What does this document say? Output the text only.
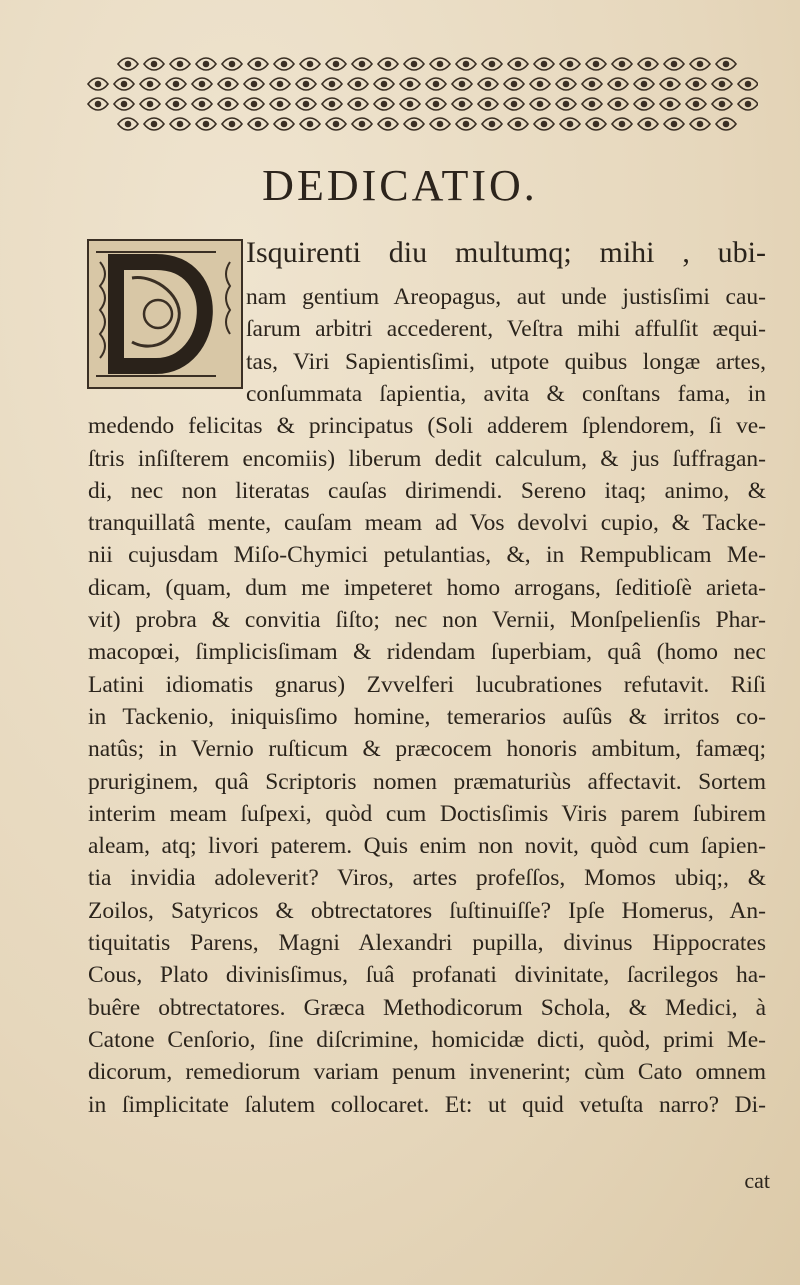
DEDICATIO.
Isquirenti diu multumq; mihi , ubi-
nam gentium Areopagus, aut unde justisſimi cau-
ſarum arbitri accederent, Veſtra mihi affulſit æqui-
tas, Viri Sapientisſimi, utpote quibus longæ artes,
conſummata ſapientia, avita & conſtans fama, in
medendo felicitas & principatus (Soli adderem ſplendorem, ſi ve-
ſtris inſiſterem encomiis) liberum dedit calculum, & jus ſuffragan-
di, nec non literatas cauſas dirimendi. Sereno itaq; animo, &
tranquillatâ mente, cauſam meam ad Vos devolvi cupio, & Tacke-
nii cujusdam Miſo-Chymici petulantias, &, in Rempublicam Me-
dicam, (quam, dum me impeteret homo arrogans, ſeditioſè arieta-
vit) probra & convitia ſiſto; nec non Vernii, Monſpelienſis Phar-
macopœi, ſimplicisſimam & ridendam ſuperbiam, quâ (homo nec
Latini idiomatis gnarus) Zvvelferi lucubrationes refutavit. Riſi
in Tackenio, iniquisſimo homine, temerarios auſûs & irritos co-
natûs; in Vernio ruſticum & præcocem honoris ambitum, famæq;
pruriginem, quâ Scriptoris nomen præmaturiùs affectavit. Sortem
interim meam ſuſpexi, quòd cum Doctisſimis Viris parem ſubirem
aleam, atq; livori paterem. Quis enim non novit, quòd cum ſapien-
tia invidia adoleverit? Viros, artes profeſſos, Momos ubiq;, &
Zoilos, Satyricos & obtrectatores ſuſtinuiſſe? Ipſe Homerus, An-
tiquitatis Parens, Magni Alexandri pupilla, divinus Hippocrates
Cous, Plato divinisſimus, ſuâ profanati divinitate, ſacrilegos ha-
buêre obtrectatores. Græca Methodicorum Schola, & Medici, à
Catone Cenſorio, ſine diſcrimine, homicidæ dicti, quòd, primi Me-
dicorum, remediorum variam penum invenerint; cùm Cato omnem
in ſimplicitate ſalutem collocaret. Et: ut quid vetuſta narro? Di-
cat
